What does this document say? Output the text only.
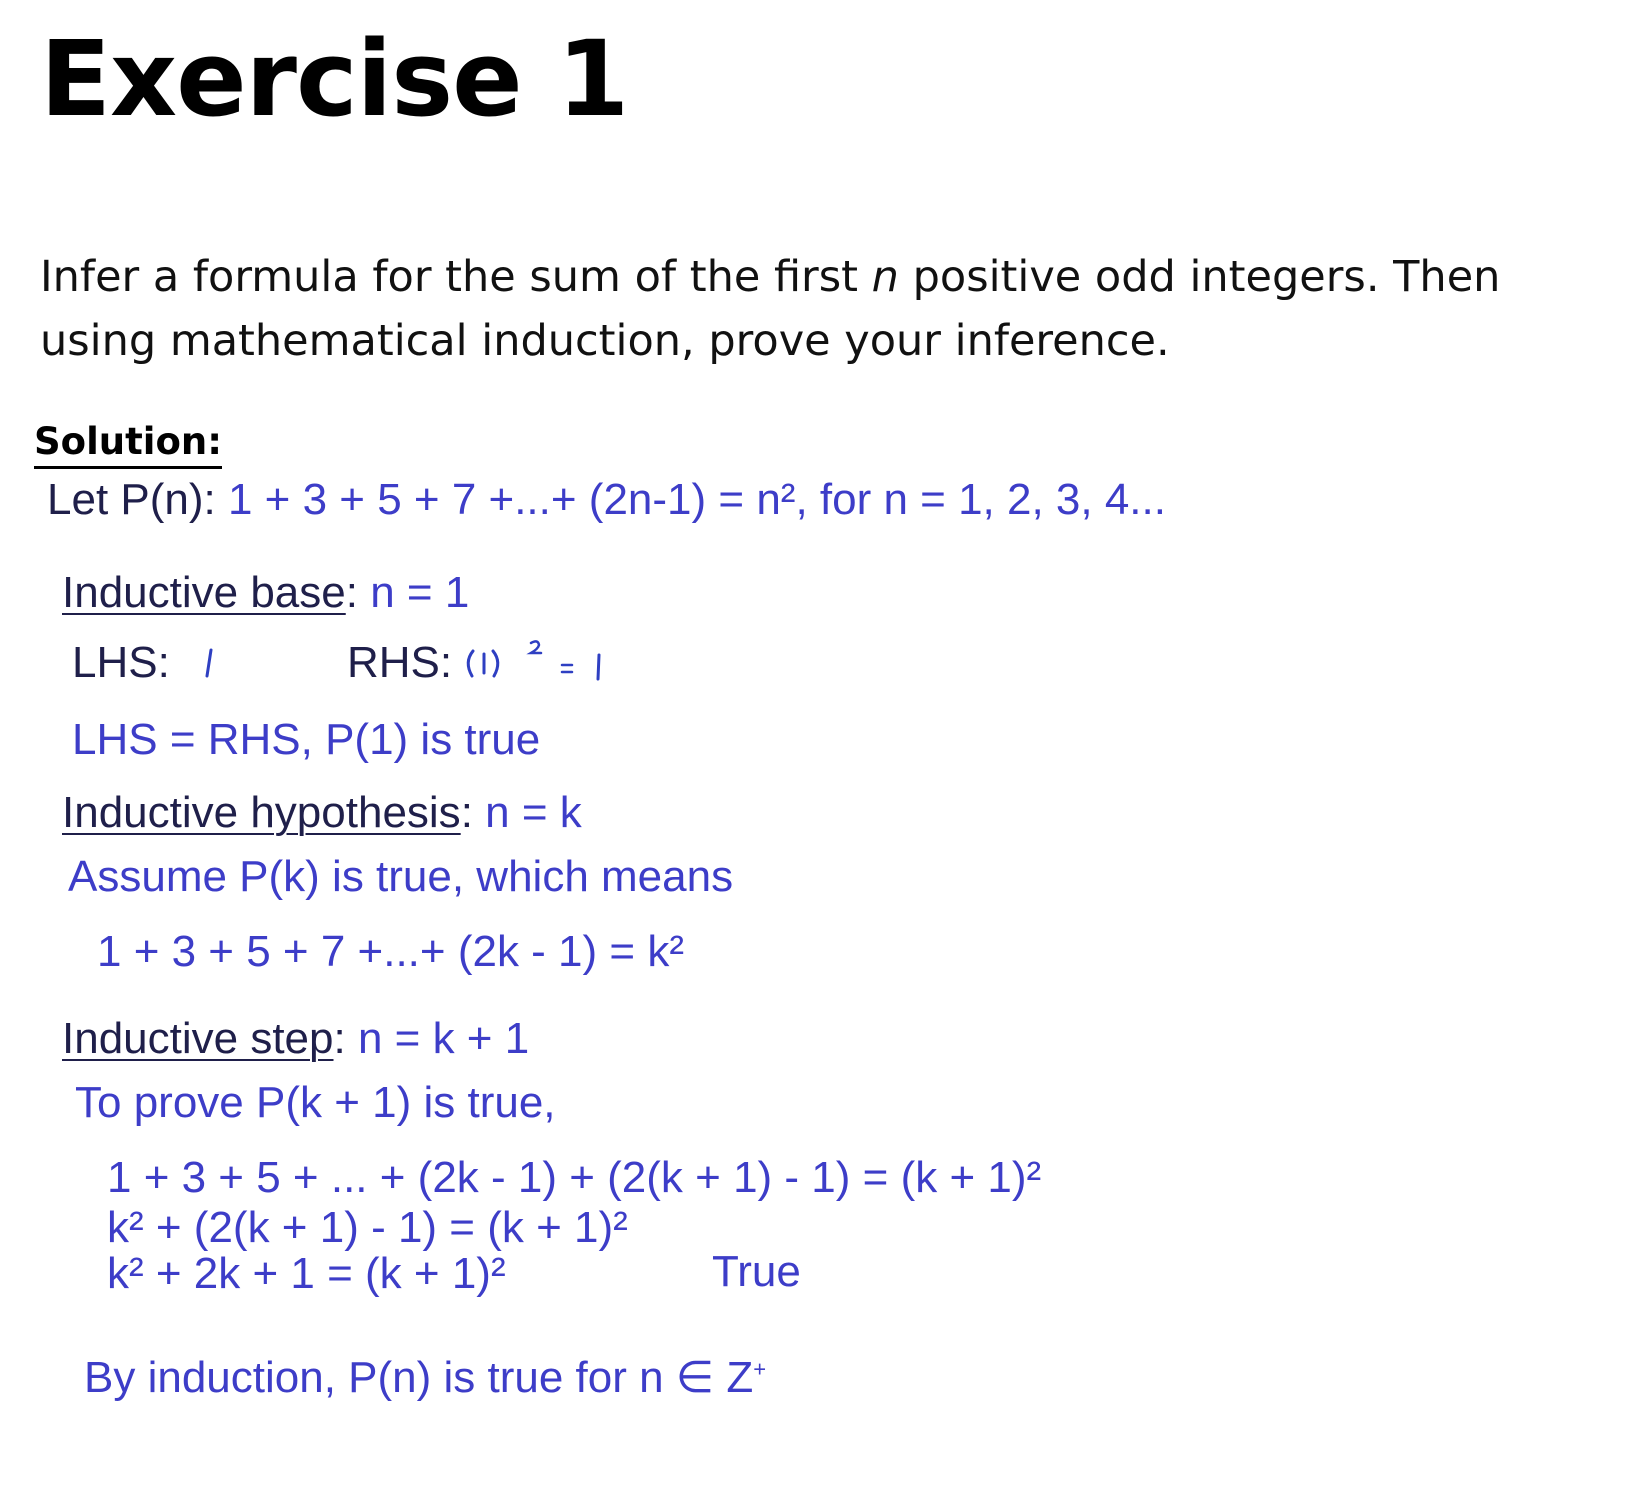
Exercise 1
Infer a formula for the sum of the first n positive odd integers. Then using mathematical induction, prove your inference.
Solution:
Let P(n): 1 + 3 + 5 + 7 +...+ (2n-1) = n², for n = 1, 2, 3, 4...
Inductive base: n = 1
LHS:	RHS:
LHS = RHS, P(1) is true
Inductive hypothesis: n = k
Assume P(k) is true, which means
1 + 3 + 5 + 7 +...+ (2k - 1) = k²
Inductive step: n = k + 1
To prove P(k + 1) is true,
1 + 3 + 5 + ... + (2k - 1) + (2(k + 1) - 1) = (k + 1)²
k² + (2(k + 1) - 1) = (k + 1)²
k² + 2k + 1 = (k + 1)²	True
By induction, P(n) is true for n ∈ Z+
